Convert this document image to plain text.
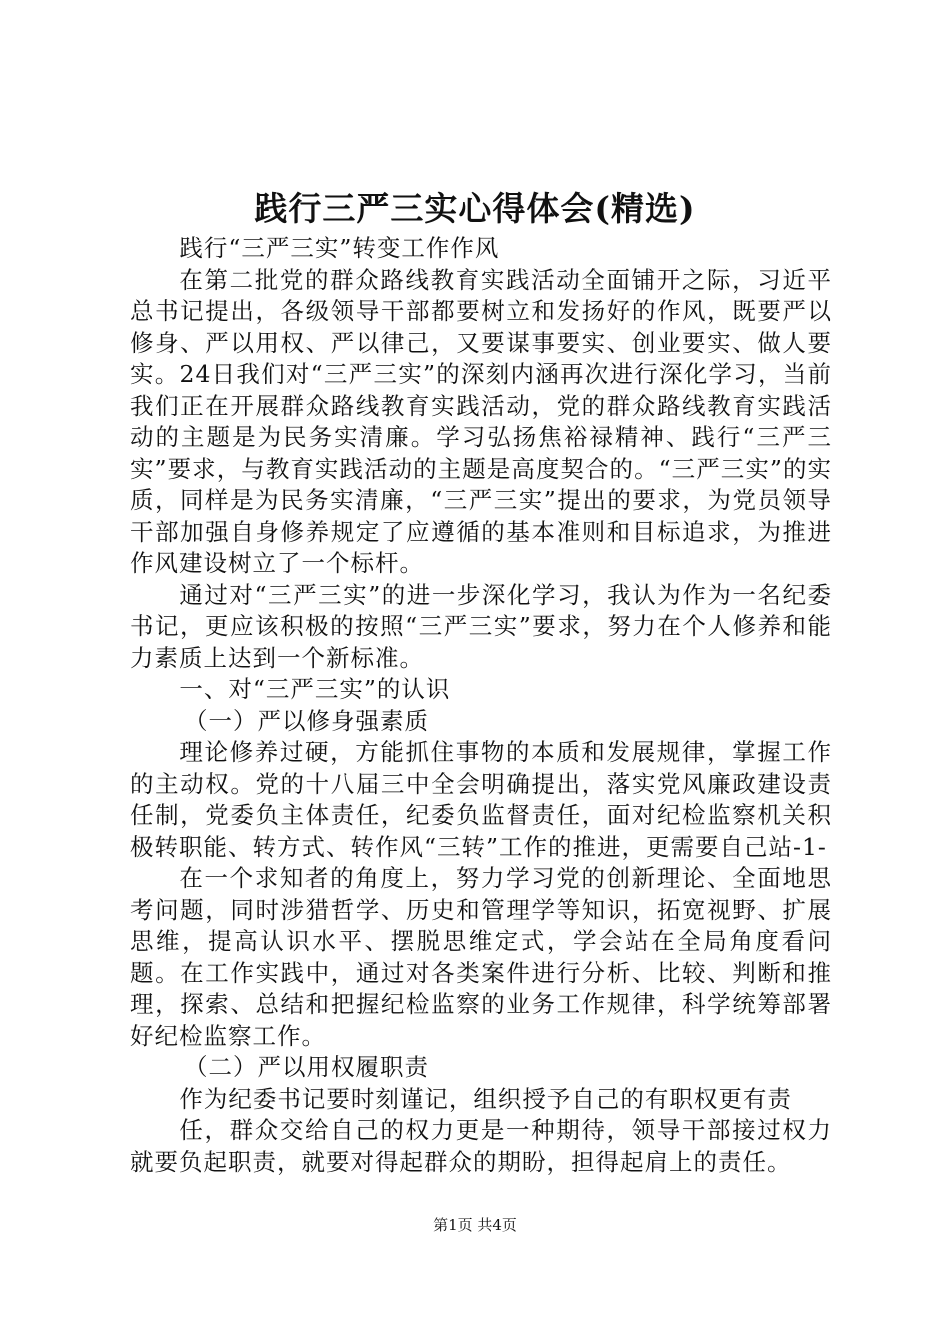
践行三严三实心得体会(精选)

践行“三严三实”转变工作作风

在第二批党的群众路线教育实践活动全面铺开之际，习近平总书记提出，各级领导干部都要树立和发扬好的作风，既要严以修身、严以用权、严以律己，又要谋事要实、创业要实、做人要实。24日我们对“三严三实”的深刻内涵再次进行深化学习，当前我们正在开展群众路线教育实践活动，党的群众路线教育实践活动的主题是为民务实清廉。学习弘扬焦裕禄精神、践行“三严三实”要求，与教育实践活动的主题是高度契合的。“三严三实”的实质，同样是为民务实清廉，“三严三实”提出的要求，为党员领导干部加强自身修养规定了应遵循的基本准则和目标追求，为推进作风建设树立了一个标杆。

通过对“三严三实”的进一步深化学习，我认为作为一名纪委书记，更应该积极的按照“三严三实”要求，努力在个人修养和能力素质上达到一个新标准。

一、对“三严三实”的认识

（一）严以修身强素质

理论修养过硬，方能抓住事物的本质和发展规律，掌握工作的主动权。党的十八届三中全会明确提出，落实党风廉政建设责任制，党委负主体责任，纪委负监督责任，面对纪检监察机关积极转职能、转方式、转作风“三转”工作的推进，更需要自己站-1-

在一个求知者的角度上，努力学习党的创新理论、全面地思考问题，同时涉猎哲学、历史和管理学等知识，拓宽视野、扩展思维，提高认识水平、摆脱思维定式，学会站在全局角度看问题。在工作实践中，通过对各类案件进行分析、比较、判断和推理，探索、总结和把握纪检监察的业务工作规律，科学统筹部署好纪检监察工作。

（二）严以用权履职责

作为纪委书记要时刻谨记，组织授予自己的有职权更有责

任，群众交给自己的权力更是一种期待，领导干部接过权力就要负起职责，就要对得起群众的期盼，担得起肩上的责任。

第1页 共4页
